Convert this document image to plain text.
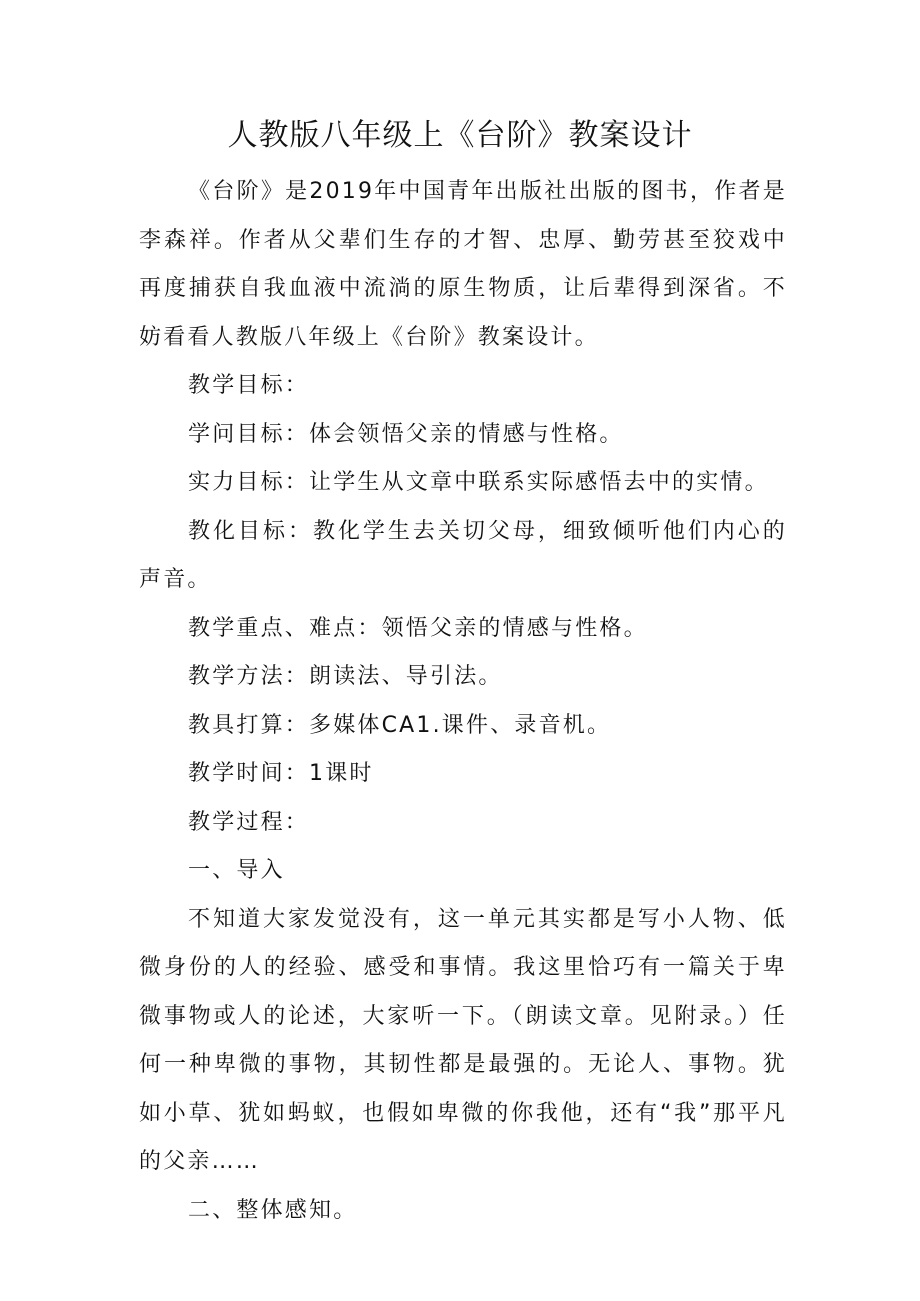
人教版八年级上《台阶》教案设计

《台阶》是2019年中国青年出版社出版的图书，作者是李森祥。作者从父辈们生存的才智、忠厚、勤劳甚至狡戏中再度捕获自我血液中流淌的原生物质，让后辈得到深省。不妨看看人教版八年级上《台阶》教案设计。

教学目标：

学问目标：体会领悟父亲的情感与性格。

实力目标：让学生从文章中联系实际感悟去中的实情。

教化目标：教化学生去关切父母，细致倾听他们内心的声音。

教学重点、难点：领悟父亲的情感与性格。

教学方法：朗读法、导引法。

教具打算：多媒体CA1.课件、录音机。

教学时间：1课时

教学过程：

一、导入

不知道大家发觉没有，这一单元其实都是写小人物、低微身份的人的经验、感受和事情。我这里恰巧有一篇关于卑微事物或人的论述，大家听一下。（朗读文章。见附录。）任何一种卑微的事物，其韧性都是最强的。无论人、事物。犹如小草、犹如蚂蚁，也假如卑微的你我他，还有“我”那平凡的父亲……

二、整体感知。
